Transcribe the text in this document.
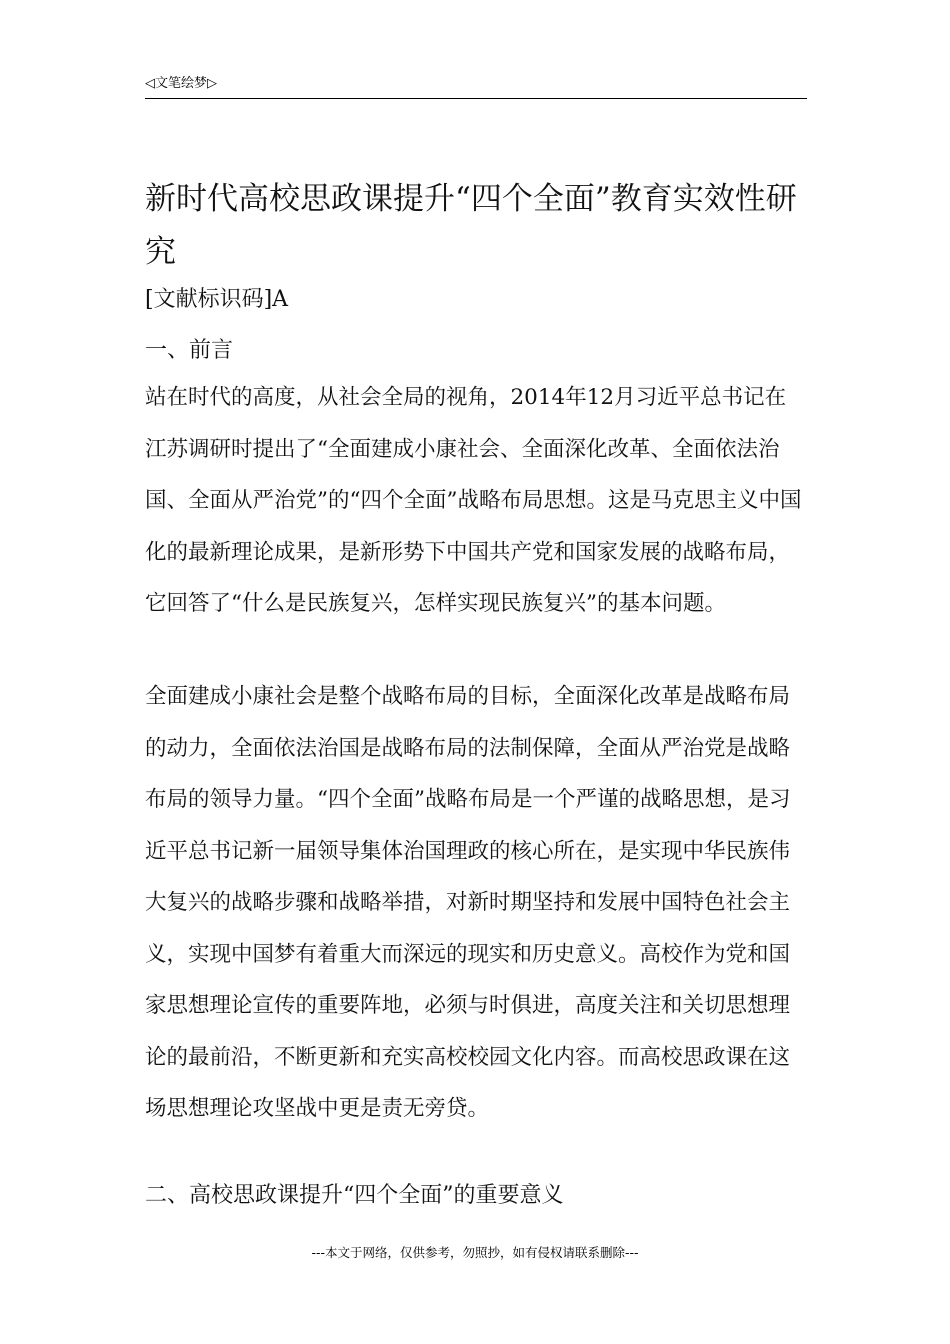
◁文笔绘梦▷
新时代高校思政课提升“四个全面”教育实效性研究

[文献标识码]A

一、前言

站在时代的高度，从社会全局的视角，2014年12月习近平总书记在江苏调研时提出了“全面建成小康社会、全面深化改革、全面依法治国、全面从严治党”的“四个全面”战略布局思想。这是马克思主义中国化的最新理论成果，是新形势下中国共产党和国家发展的战略布局，它回答了“什么是民族复兴，怎样实现民族复兴”的基本问题。

全面建成小康社会是整个战略布局的目标，全面深化改革是战略布局的动力，全面依法治国是战略布局的法制保障，全面从严治党是战略布局的领导力量。“四个全面”战略布局是一个严谨的战略思想，是习近平总书记新一届领导集体治国理政的核心所在，是实现中华民族伟大复兴的战略步骤和战略举措，对新时期坚持和发展中国特色社会主义，实现中国梦有着重大而深远的现实和历史意义。高校作为党和国家思想理论宣传的重要阵地，必须与时俱进，高度关注和关切思想理论的最前沿，不断更新和充实高校校园文化内容。而高校思政课在这场思想理论攻坚战中更是责无旁贷。

二、高校思政课提升“四个全面”的重要意义

---本文于网络，仅供参考，勿照抄，如有侵权请联系删除---
